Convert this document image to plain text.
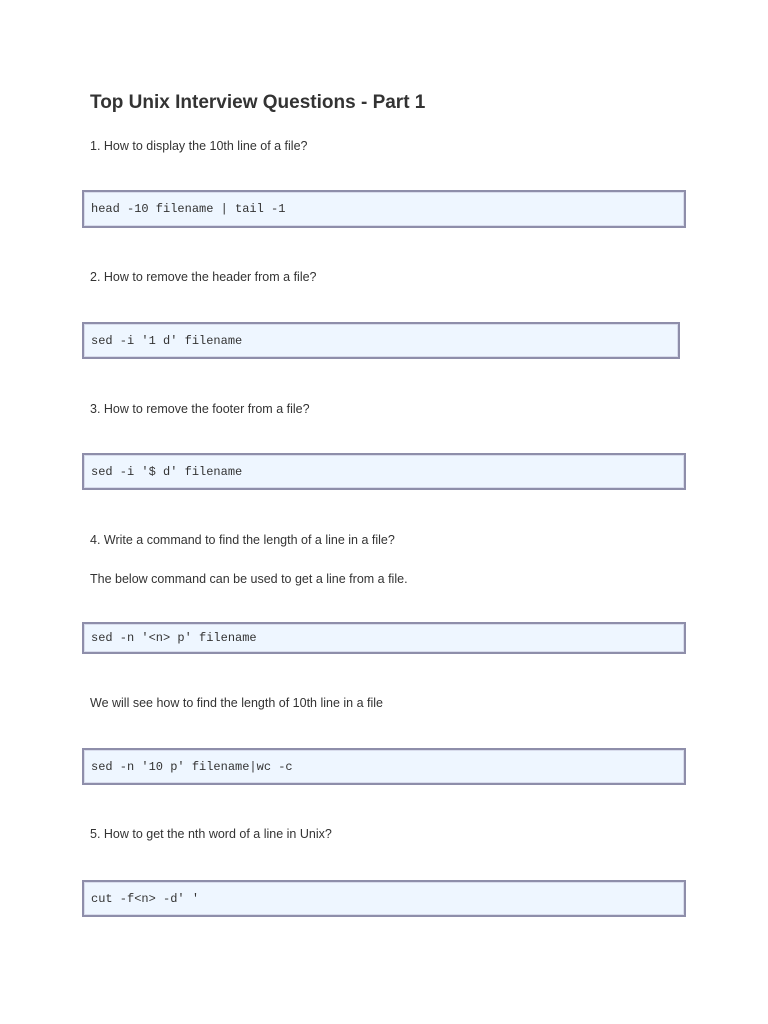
Top Unix Interview Questions - Part 1
1. How to display the 10th line of a file?
head -10 filename | tail -1
2. How to remove the header from a file?
sed -i '1 d' filename
3. How to remove the footer from a file?
sed -i '$ d' filename
4. Write a command to find the length of a line in a file?
The below command can be used to get a line from a file.
sed -n '<n> p' filename
We will see how to find the length of 10th line in a file
sed -n '10 p' filename|wc -c
5. How to get the nth word of a line in Unix?
cut -f<n> -d' '
